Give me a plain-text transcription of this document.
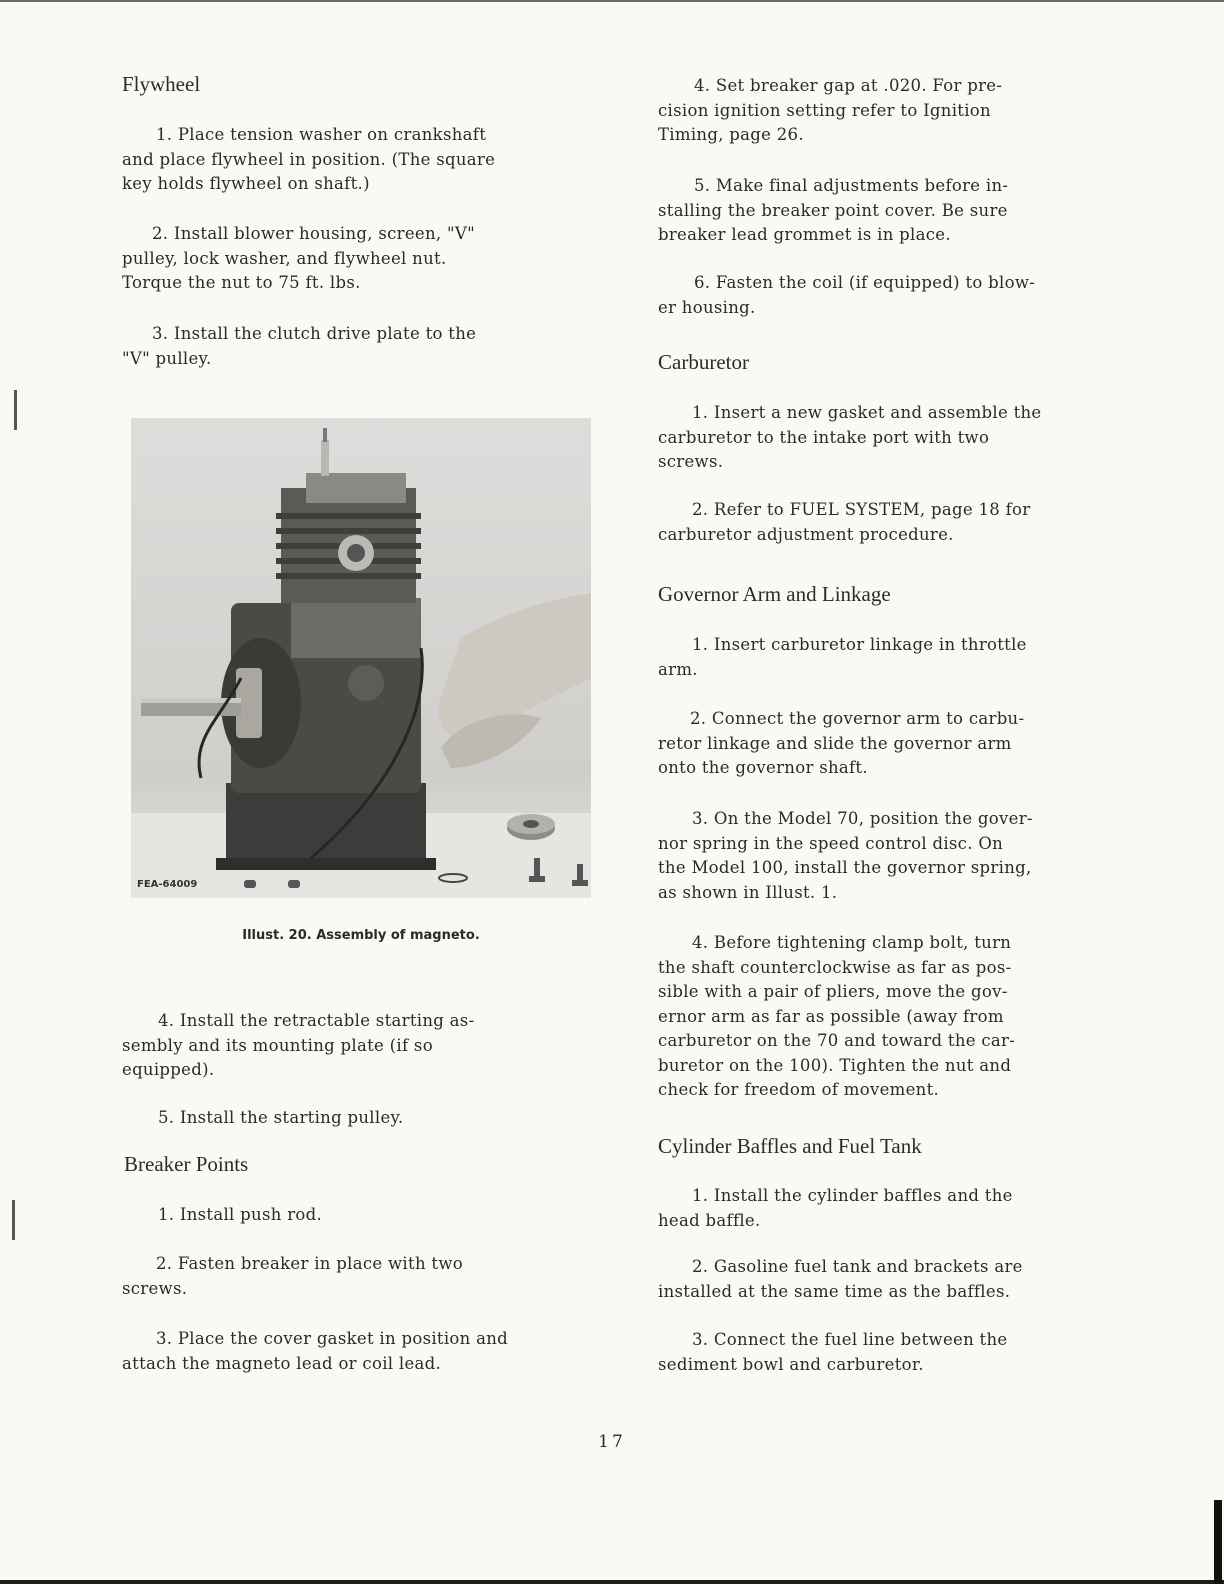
Flywheel
1. Place tension washer on crankshaft
and place flywheel in position. (The square
key holds flywheel on shaft.)
2. Install blower housing, screen, "V"
pulley, lock washer, and flywheel nut.
Torque the nut to 75 ft. lbs.
3. Install the clutch drive plate to the
"V" pulley.
4. Install the retractable starting as-
sembly and its mounting plate (if so
equipped).
5. Install the starting pulley.
Breaker Points
1. Install push rod.
2. Fasten breaker in place with two
screws.
3. Place the cover gasket in position and
attach the magneto lead or coil lead.
FEA-64009
Illust. 20. Assembly of magneto.
4. Set breaker gap at .020. For pre-
cision ignition setting refer to Ignition
Timing, page 26.
5. Make final adjustments before in-
stalling the breaker point cover. Be sure
breaker lead grommet is in place.
6. Fasten the coil (if equipped) to blow-
er housing.
Carburetor
1. Insert a new gasket and assemble the
carburetor to the intake port with two
screws.
2. Refer to FUEL SYSTEM, page 18 for
carburetor adjustment procedure.
Governor Arm and Linkage
1. Insert carburetor linkage in throttle
arm.
2. Connect the governor arm to carbu-
retor linkage and slide the governor arm
onto the governor shaft.
3. On the Model 70, position the gover-
nor spring in the speed control disc. On
the Model 100, install the governor spring,
as shown in Illust. 1.
4. Before tightening clamp bolt, turn
the shaft counterclockwise as far as pos-
sible with a pair of pliers, move the gov-
ernor arm as far as possible (away from
carburetor on the 70 and toward the car-
buretor on the 100). Tighten the nut and
check for freedom of movement.
Cylinder Baffles and Fuel Tank
1. Install the cylinder baffles and the
head baffle.
2. Gasoline fuel tank and brackets are
installed at the same time as the baffles.
3. Connect the fuel line between the
sediment bowl and carburetor.
17
